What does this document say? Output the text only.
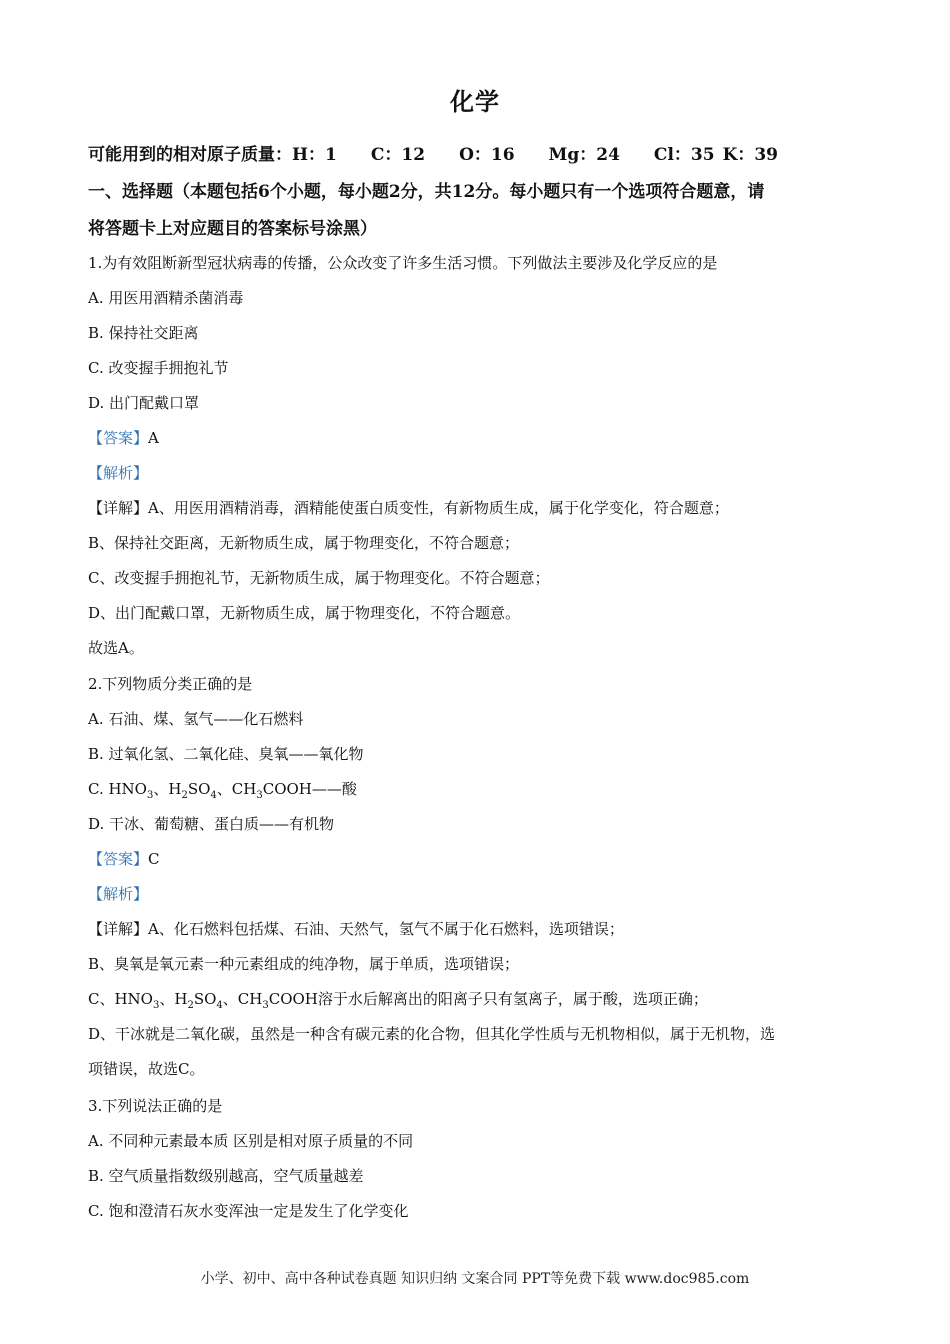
化学
可能用到的相对原子质量：H：1 C：12 O：16 Mg：24 Cl：35 K：39
一、选择题（本题包括6个小题，每小题2分，共12分。每小题只有一个选项符合题意，请
将答题卡上对应题目的答案标号涂黑）
1.为有效阻断新型冠状病毒的传播，公众改变了许多生活习惯。下列做法主要涉及化学反应的是
A. 用医用酒精杀菌消毒
B. 保持社交距离
C. 改变握手拥抱礼节
D. 出门配戴口罩
【答案】A
【解析】
【详解】A、用医用酒精消毒，酒精能使蛋白质变性，有新物质生成，属于化学变化，符合题意；
B、保持社交距离，无新物质生成，属于物理变化，不符合题意；
C、改变握手拥抱礼节，无新物质生成，属于物理变化。不符合题意；
D、出门配戴口罩，无新物质生成，属于物理变化，不符合题意。
故选A。
2.下列物质分类正确的是
A. 石油、煤、氢气——化石燃料
B. 过氧化氢、二氧化硅、臭氧——氧化物
C. $HNO_3$、$H_2SO_4$、$CH_3COOH——$酸
D. 干冰、葡萄糖、蛋白质——有机物
【答案】C
【解析】
【详解】A、化石燃料包括煤、石油、天然气，氢气不属于化石燃料，选项错误；
B、臭氧是氧元素一种元素组成的纯净物，属于单质，选项错误；
C、$HNO_3$、$H_2SO_4$、$CH_3COOH$溶于水后解离出的阳离子只有氢离子，属于酸，选项正确；
D、干冰就是二氧化碳，虽然是一种含有碳元素的化合物，但其化学性质与无机物相似，属于无机物，选
项错误，故选C。
3.下列说法正确的是
A. 不同种元素最本质 区别是相对原子质量的不同
B. 空气质量指数级别越高，空气质量越差
C. 饱和澄清石灰水变浑浊一定是发生了化学变化
小学、初中、高中各种试卷真题 知识归纳 文案合同 PPT等免费下载 www.doc985.com
